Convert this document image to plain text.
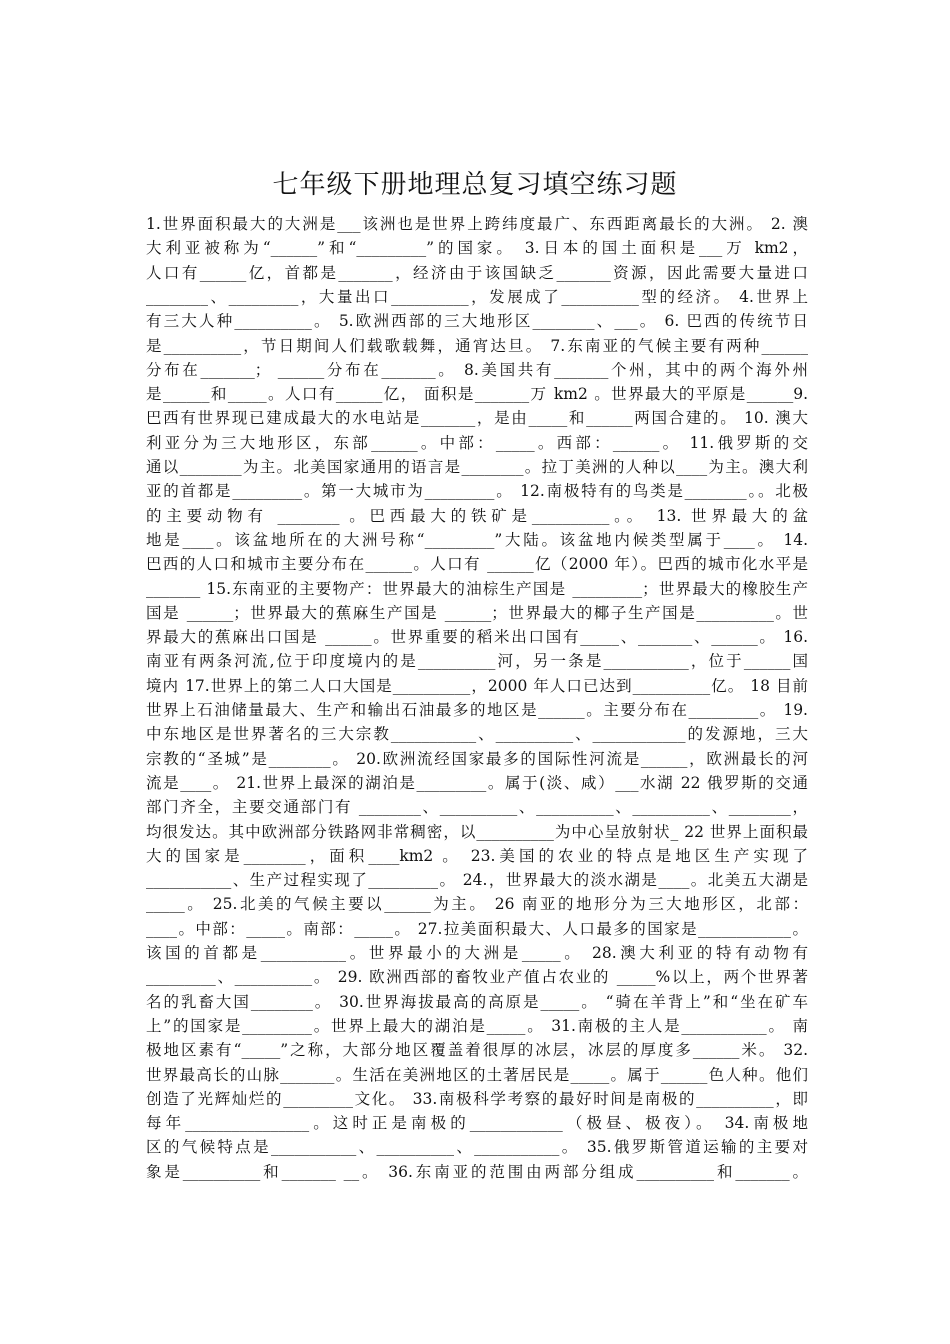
七年级下册地理总复习填空练习题
1.世界面积最大的大洲是___该洲也是世界上跨纬度最广、东西距离最长的大洲。 2. 澳
大利亚被称为“______”和“_________”的国家。 3.日本的国土面积是___万 km2，
人口有______亿，首都是_______，经济由于该国缺乏_______资源，因此需要大量进口
________、_________，大量出口__________，发展成了__________型的经济。 4.世界上
有三大人种__________。 5.欧洲西部的三大地形区________、___。 6. 巴西的传统节日
是__________，节日期间人们载歌载舞，通宵达旦。 7.东南亚的气候主要有两种______
分布在_______； ______分布在_______。 8.美国共有_______个州，其中的两个海外州
是______和_____。人口有______亿， 面积是_______万 km2 。世界最大的平原是______9.
巴西有世界现已建成最大的水电站是_______，是由_____和______两国合建的。 10. 澳大
利亚分为三大地形区，东部______。中部：_____。西部：______。 11.俄罗斯的交
通以________为主。北美国家通用的语言是________。拉丁美洲的人种以____为主。澳大利
亚的首都是_________。第一大城市为_________。 12.南极特有的鸟类是________。。北极
的主要动物有 ________ 。巴西最大的铁矿是__________。。 13. 世界最大的盆
地是____。该盆地所在的大洲号称“_________”大陆。该盆地内候类型属于____。 14.
巴西的人口和城市主要分布在______。人口有 ______亿（2000 年）。巴西的城市化水平是
_______ 15.东南亚的主要物产：世界最大的油棕生产国是 _________；世界最大的橡胶生产
国是 ______；世界最大的蕉麻生产国是 ______；世界最大的椰子生产国是__________。世
界最大的蕉麻出口国是 ______。世界重要的稻米出口国有_____、_______、______。 16.
南亚有两条河流,位于印度境内的是__________河，另一条是___________，位于______国
境内 17.世界上的第二人口大国是__________，2000 年人口已达到__________亿。 18 目前
世界上石油储量最大、生产和输出石油最多的地区是______。主要分布在_________。 19.
中东地区是世界著名的三大宗教___________、__________、____________的发源地，三大
宗教的“圣城”是________。 20.欧洲流经国家最多的国际性河流是______，欧洲最长的河
流是____。 21.世界上最深的湖泊是_________。属于(淡、咸）___水湖 22 俄罗斯的交通
部门齐全，主要交通部门有 ________、__________、__________、__________、________，
均很发达。其中欧洲部分铁路网非常稠密，以__________为中心呈放射状_ 22 世界上面积最
大的国家是________，面积____km2 。 23.美国的农业的特点是地区生产实现了
___________、生产过程实现了_________。 24.，世界最大的淡水湖是____。北美五大湖是
_____。 25.北美的气候主要以______为主。 26 南亚的地形分为三大地形区，北部：
____。中部：_____。南部：_____。 27.拉美面积最大、人口最多的国家是____________。
该国的首都是___________。世界最小的大洲是_____。 28.澳大利亚的特有动物有
_________、__________。 29. 欧洲西部的畜牧业产值占农业的 _____%以上，两个世界著
名的乳畜大国________。 30.世界海拔最高的高原是_____。 “骑在羊背上”和“坐在矿车
上”的国家是_________。世界上最大的湖泊是_____。 31.南极的主人是___________。 南
极地区素有“_____”之称，大部分地区覆盖着很厚的冰层，冰层的厚度多______米。 32.
世界最高长的山脉_______。生活在美洲地区的土著居民是_____。属于______色人种。他们
创造了光辉灿烂的_________文化。 33.南极科学考察的最好时间是南极的__________，即
每年________________。这时正是南极的____________（极昼、极夜）。 34.南极地
区的气候特点是___________、__________、___________。 35.俄罗斯管道运输的主要对
象是__________和_______ __。 36.东南亚的范围由两部分组成__________和_______。
